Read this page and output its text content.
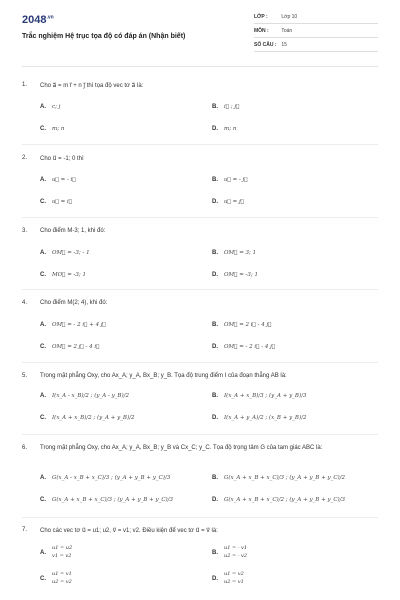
$2048^{.vn}$
Trắc nghiệm Hệ trục tọa độ có đáp án (Nhận biết)
LỚP :	Lớp 10
MÔN :	Toán
SỐ CÂU : 15
1. Cho a⃗ = m i⃗ + n j⃗ thì tọa độ vec tơ a⃗ là:
A. c; j	B. i⃗ ; j⃗
C. m; n	D. m; n
2. Cho u⃗ = -1; 0 thì
A. u⃗ = - i⃗	B. u⃗ = - j⃗
C. u⃗ = i⃗	D. u⃗ = j⃗
3. Cho điểm M-3; 1, khi đó:
A. OM⃗ = -3; - 1	B. OM⃗ = 3; 1
C. MO⃗ = -3; 1	D. OM⃗ = -3; 1
4. Cho điểm M(2; 4), khi đó:
A. OM⃗ = - 2 i⃗ + 4 j⃗	B. OM⃗ = 2 i⃗ - 4 j⃗
C. OM⃗ = 2 j⃗ - 4 i⃗	D. OM⃗ = - 2 i⃗ - 4 j⃗
5. Trong mặt phẳng Oxy, cho Ax_A; y_A, Bx_B; y_B. Tọa độ trung điểm I của đoạn thẳng AB là:
A. I(x_A - x_B)/2 ; (y_A - y_B)/2	B. I(x_A + x_B)/3 ; (y_A + y_B)/3
C. I(x_A + x_B)/2 ; (y_A + y_B)/2	D. I(x_A + y_A)/2 ; (x_B + y_B)/2
6. Trong mặt phẳng Oxy, cho Ax_A; y_A, Bx_B; y_B và Cx_C; y_C. Tọa độ trọng tâm G của tam giác ABC là:
A. G(x_A - x_B + x_C)/3 ; (y_A + y_B + y_C)/3	B. G(x_A + x_B + x_C)/3 ; (y_A + y_B + y_C)/2
C. G(x_A + x_B + x_C)/3 ; (y_A + y_B + y_C)/3	D. G(x_A + x_B + x_C)/2 ; (y_A + y_B + y_C)/3
7. Cho các vec tơ u⃗ = u1; u2, v⃗ = v1; v2. Điều kiện để vec tơ u⃗ = v⃗ là:
A.u1 = u2
v1 = v2
B.u1 = - v1
u2 = - v2
C.u1 = v1
u2 = v2
D.u1 = v2
u2 = v1
